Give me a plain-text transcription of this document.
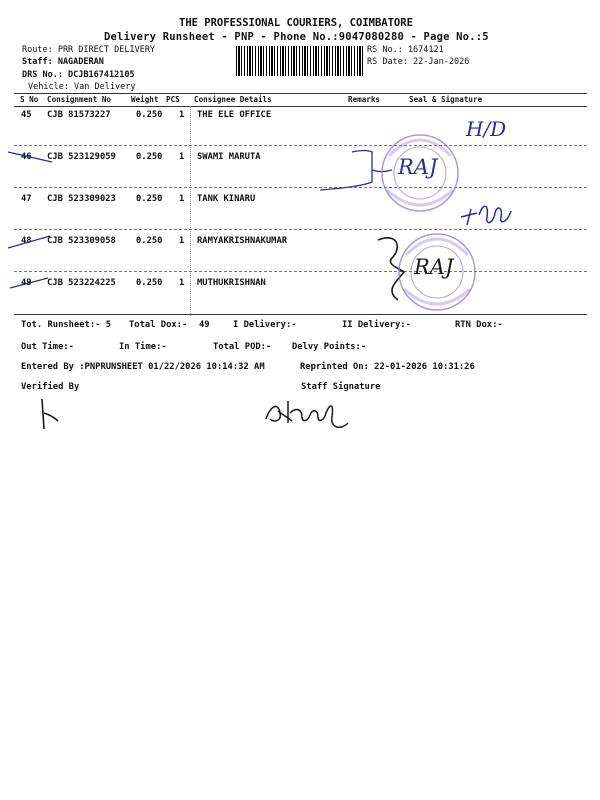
THE PROFESSIONAL COURIERS, COIMBATORE
Delivery Runsheet - PNP - Phone No.:9047080280 - Page No.:5
Route: PRR DIRECT DELIVERY
Staff: NAGADERAN
DRS No.: DCJB167412105
Vehicle: Van Delivery
RS No.: 1674121
RS Date: 22-Jan-2026
S No Consignment No	Weight PCS Consignee Details	Remarks	Seal & Signature
45 CJB 81573227	0.250 1 THE ELE OFFICE
46 CJB 523129059 0.250 1 SWAMI MARUTA
47 CJB 523309023 0.250 1 TANK KINARU
48 CJB 523309058 0.250 1 RAMYAKRISHNAKUMAR
49 CJB 523224225 0.250 1 MUTHUKRISHNAN
Tot. Runsheet:- 5 Total Dox:- 49	I Delivery:-	II Delivery:-	RTN Dox:-
Out Time:-	In Time:-	Total POD:- Delvy Points:-
Entered By :PNPRUNSHEET 01/22/2026 10:14:32 AM	Reprinted On: 22-01-2026 10:31:26
Verified By	Staff Signature
H/D
RAJ
RAJ
